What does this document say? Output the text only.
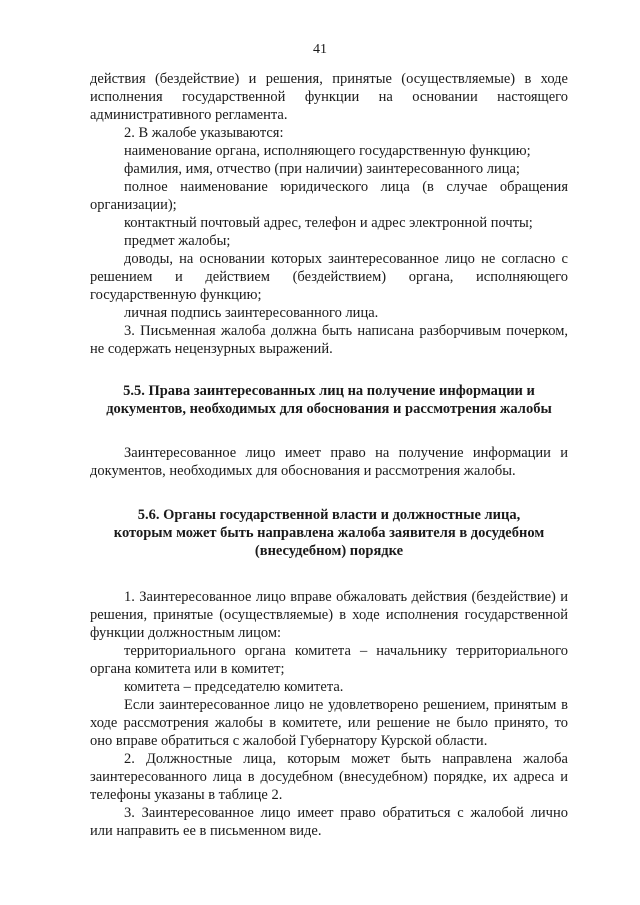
41

действия (бездействие) и решения, принятые (осуществляемые) в ходе исполнения государственной функции на основании настоящего административного регламента.

2. В жалобе указываются:

наименование органа, исполняющего государственную функцию;

фамилия, имя, отчество (при наличии) заинтересованного лица;

полное наименование юридического лица (в случае обращения организации);

контактный почтовый адрес, телефон и адрес электронной почты;

предмет жалобы;

доводы, на основании которых заинтересованное лицо не согласно с решением и действием (бездействием) органа, исполняющего государственную функцию;

личная подпись заинтересованного лица.

3. Письменная жалоба должна быть написана разборчивым почерком, не содержать нецензурных выражений.

5.5. Права заинтересованных лиц на получение информации и
документов, необходимых для обоснования и рассмотрения жалобы

Заинтересованное лицо имеет право на получение информации и документов, необходимых для обоснования и рассмотрения жалобы.

5.6. Органы государственной власти и должностные лица,
которым может быть направлена жалоба заявителя в досудебном
(внесудебном) порядке

1. Заинтересованное лицо вправе обжаловать действия (бездействие) и решения, принятые (осуществляемые) в ходе исполнения государственной функции должностным лицом:

территориального органа комитета – начальнику территориального органа комитета или в комитет;

комитета – председателю комитета.

Если заинтересованное лицо не удовлетворено решением, принятым в ходе рассмотрения жалобы в комитете, или решение не было принято, то оно вправе обратиться с жалобой Губернатору Курской области.

2. Должностные лица, которым может быть направлена жалоба заинтересованного лица в досудебном (внесудебном) порядке, их адреса и телефоны указаны в таблице 2.

3. Заинтересованное лицо имеет право обратиться с жалобой лично или направить ее в письменном виде.
